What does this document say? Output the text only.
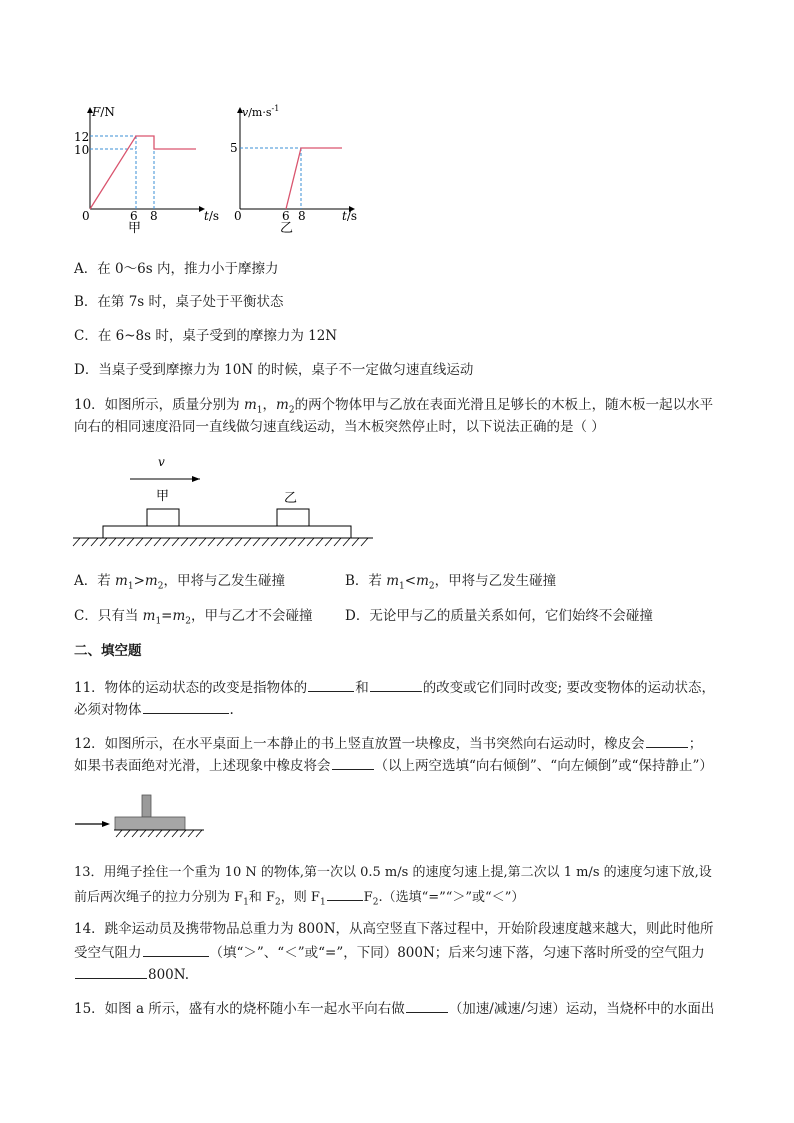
F/N
0
12
10
6 8	t/s
甲
$v/m\cdot s^{-1}$
0
5
6 8	t/s
乙
A．在 0～6s 内，推力小于摩擦力
B．在第 7s 时，桌子处于平衡状态
C．在 6~8s 时，桌子受到的摩擦力为 12N
D．当桌子受到摩擦力为 10N 的时候，桌子不一定做匀速直线运动
10．如图所示，质量分别为 $m_1$，$m_2$的两个物体甲与乙放在表面光滑且足够长的木板上，随木板一起以水平
向右的相同速度沿同一直线做匀速直线运动，当木板突然停止时，以下说法正确的是（ ）
v
甲	乙
A．若 $m_1>m_2$，甲将与乙发生碰撞	B．若 $m_1<m_2$，甲将与乙发生碰撞
C．只有当 $m_1=m_2$，甲与乙才不会碰撞 D．无论甲与乙的质量关系如何，它们始终不会碰撞
二、填空题
11．物体的运动状态的改变是指物体的	和	的改变或它们同时改变; 要改变物体的运动状态，
必须对物体	.
12．如图所示，在水平桌面上一本静止的书上竖直放置一块橡皮，当书突然向右运动时，橡皮会	；
如果书表面绝对光滑，上述现象中橡皮将会	（以上两空选填“向右倾倒”、“向左倾倒”或“保持静止”）
13．用绳子拴住一个重为 10 N 的物体,第一次以 0.5 m/s 的速度匀速上提,第二次以 1 m/s 的速度匀速下放,设
前后两次绳子的拉力分别为 $F_1$和 $F_2$，则 $F_1$	$F_2$.（选填“=”“＞”或“＜”）
14．跳伞运动员及携带物品总重力为 800N，从高空竖直下落过程中，开始阶段速度越来越大，则此时他所
受空气阻力	（填“＞”、“＜”或“=”，下同）800N；后来匀速下落，匀速下落时所受的空气阻力
800N.
15．如图 a 所示，盛有水的烧杯随小车一起水平向右做	（加速/减速/匀速）运动，当烧杯中的水面出
